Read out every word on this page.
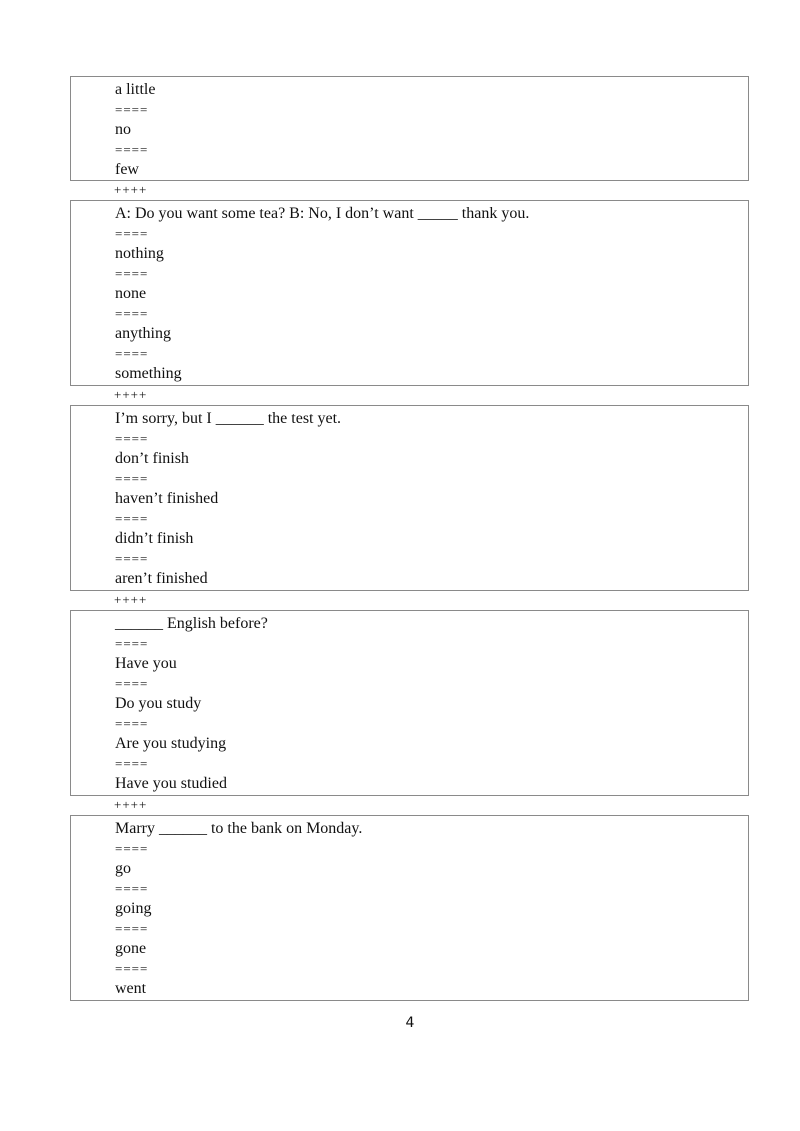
a little
====
no
====
few
++++
A: Do you want some tea? B: No, I don’t want _____ thank you.
====
nothing
====
none
====
anything
====
something
++++
I’m sorry, but I ______ the test yet.
====
don’t finish
====
haven’t finished
====
didn’t finish
====
aren’t finished
++++
______ English before?
====
Have you
====
Do you study
====
Are you studying
====
Have you studied
++++
Marry ______ to the bank on Monday.
====
go
====
going
====
gone
====
went
4
